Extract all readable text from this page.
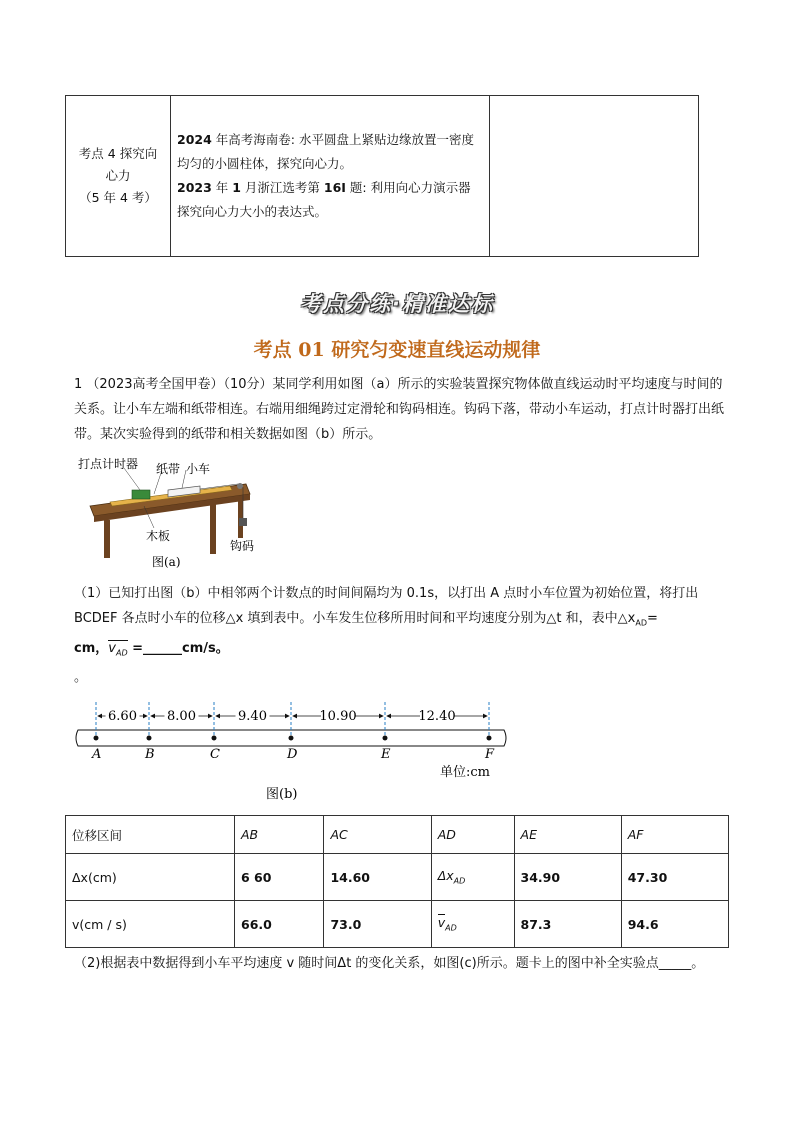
考点 4 探究向
心力
（5 年 4 考）

2024 年高考海南卷: 水平圆盘上紧贴边缘放置一密度均匀的小圆柱体，探究向心力。

2023 年 1 月浙江选考第 16I 题: 利用向心力演示器探究向心力大小的表达式。

考点分练·精准达标
考点 01 研究匀变速直线运动规律

1 （2023高考全国甲卷）（10分）某同学利用如图（a）所示的实验装置探究物体做直线运动时平均速度与时间的关系。让小车左端和纸带相连。右端用细绳跨过定滑轮和钩码相连。钩码下落，带动小车运动，打点计时器打出纸带。某次实验得到的纸带和相关数据如图（b）所示。

打点计时器 纸带 小车
木板
钩码
图(a)

（1）已知打出图（b）中相邻两个计数点的时间间隔均为 0.1s，以打出 A 点时小车位置为初始位置，将打出 BCDEF 各点时小车的位移△x 填到表中。小车发生位移所用时间和平均速度分别为△t 和，表中$\triangle x_{AD}=$

cm，$v_{AD}$ =______cm/s。

。

A	B	C	D	E	F
6.60 8.00	9.40	10.90	12.40
单位:cm
图(b)
位移区间	AB	AC	AD	AE	AF
Δx(cm)	6 60	14.60	$\Delta x_{AD}$	34.90	47.30
v(cm / s)	66.0	73.0	$v_{AD}$	87.3	94.6

（2)根据表中数据得到小车平均速度 v 随时间Δt 的变化关系，如图(c)所示。题卡上的图中补全实验点_____。
